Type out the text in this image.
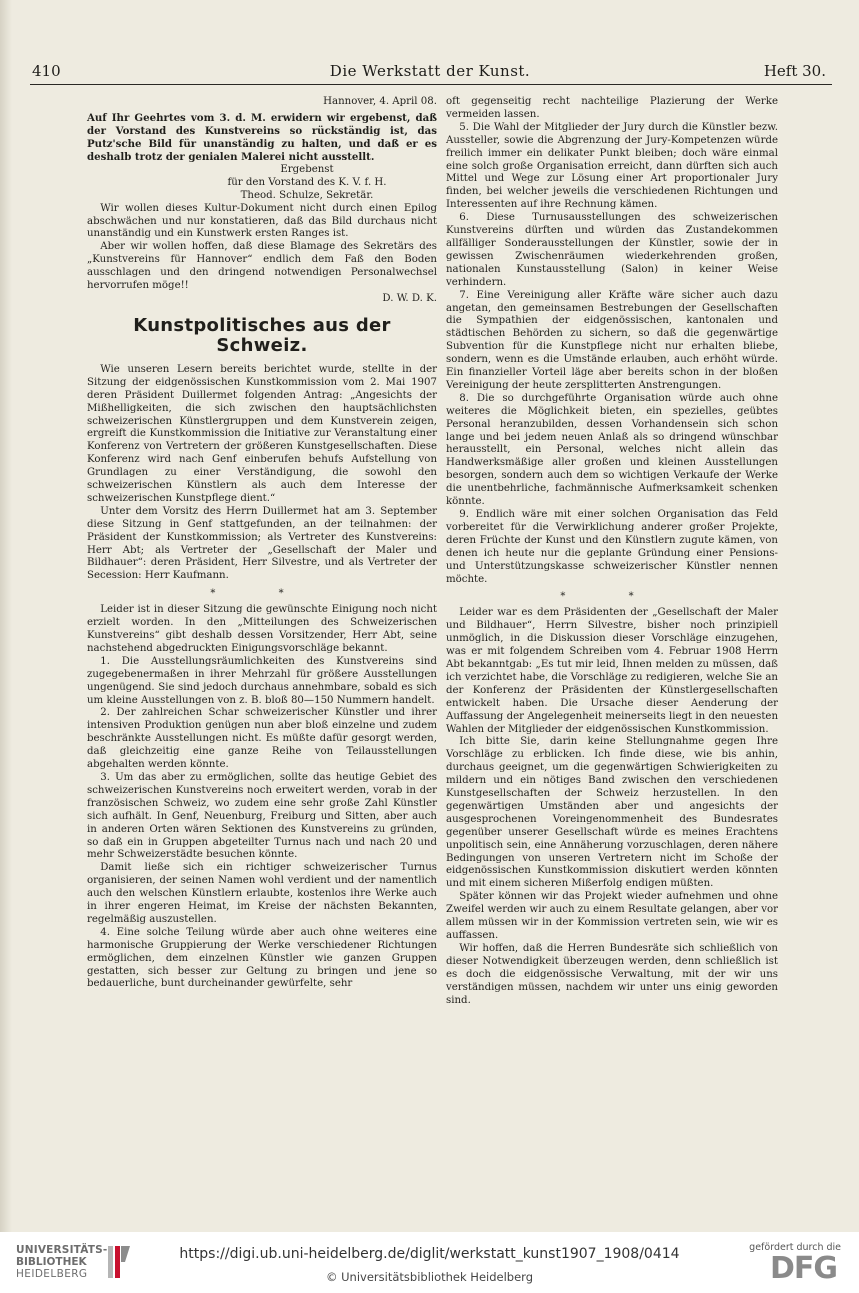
410	Die Werkstatt der Kunst.	Heft 30.

Hannover, 4. April 08.

Auf Ihr Geehrtes vom 3. d. M. erwidern wir ergebenst, daß der Vorstand des Kunstvereins so rückständig ist, das Putz'sche Bild für unanständig zu halten, und daß er es deshalb trotz der genialen Malerei nicht ausstellt.

Ergebenst

für den Vorstand des K. V. f. H.

Theod. Schulze, Sekretär.

Wir wollen dieses Kultur-Dokument nicht durch einen Epilog abschwächen und nur konstatieren, daß das Bild durchaus nicht unanständig und ein Kunstwerk ersten Ranges ist.

Aber wir wollen hoffen, daß diese Blamage des Sekretärs des „Kunstvereins für Hannover“ endlich dem Faß den Boden ausschlagen und den dringend notwendigen Personalwechsel hervorrufen möge!!

D. W. D. K.

Kunstpolitisches aus der Schweiz.

Wie unseren Lesern bereits berichtet wurde, stellte in der Sitzung der eidgenössischen Kunstkommission vom 2. Mai 1907 deren Präsident Duillermet folgenden Antrag: „Angesichts der Mißhelligkeiten, die sich zwischen den hauptsächlichsten schweizerischen Künstlergruppen und dem Kunstverein zeigen, ergreift die Kunstkommission die Initiative zur Veranstaltung einer Konferenz von Vertretern der größeren Kunstgesellschaften. Diese Konferenz wird nach Genf einberufen behufs Aufstellung von Grundlagen zu einer Verständigung, die sowohl den schweizerischen Künstlern als auch dem Interesse der schweizerischen Kunstpflege dient.“

Unter dem Vorsitz des Herrn Duillermet hat am 3. September diese Sitzung in Genf stattgefunden, an der teilnahmen: der Präsident der Kunstkommission; als Vertreter des Kunstvereins: Herr Abt; als Vertreter der „Gesellschaft der Maler und Bildhauer“: deren Präsident, Herr Silvestre, und als Vertreter der Secession: Herr Kaufmann.

* *

Leider ist in dieser Sitzung die gewünschte Einigung noch nicht erzielt worden. In den „Mitteilungen des Schweizerischen Kunstvereins“ gibt deshalb dessen Vorsitzender, Herr Abt, seine nachstehend abgedruckten Einigungsvorschläge bekannt.

1. Die Ausstellungsräumlichkeiten des Kunstvereins sind zugegebenermaßen in ihrer Mehrzahl für größere Ausstellungen ungenügend. Sie sind jedoch durchaus annehmbare, sobald es sich um kleine Ausstellungen von z. B. bloß 80—150 Nummern handelt.

2. Der zahlreichen Schar schweizerischer Künstler und ihrer intensiven Produktion genügen nun aber bloß einzelne und zudem beschränkte Ausstellungen nicht. Es müßte dafür gesorgt werden, daß gleichzeitig eine ganze Reihe von Teilausstellungen abgehalten werden könnte.

3. Um das aber zu ermöglichen, sollte das heutige Gebiet des schweizerischen Kunstvereins noch erweitert werden, vorab in der französischen Schweiz, wo zudem eine sehr große Zahl Künstler sich aufhält. In Genf, Neuenburg, Freiburg und Sitten, aber auch in anderen Orten wären Sektionen des Kunstvereins zu gründen, so daß ein in Gruppen abgeteilter Turnus nach und nach 20 und mehr Schweizerstädte besuchen könnte.

Damit ließe sich ein richtiger schweizerischer Turnus organisieren, der seinen Namen wohl verdient und der namentlich auch den welschen Künstlern erlaubte, kostenlos ihre Werke auch in ihrer engeren Heimat, im Kreise der nächsten Bekannten, regelmäßig auszustellen.

4. Eine solche Teilung würde aber auch ohne weiteres eine harmonische Gruppierung der Werke verschiedener Richtungen ermöglichen, dem einzelnen Künstler wie ganzen Gruppen gestatten, sich besser zur Geltung zu bringen und jene so bedauerliche, bunt durcheinander gewürfelte, sehr

oft gegenseitig recht nachteilige Plazierung der Werke vermeiden lassen.

5. Die Wahl der Mitglieder der Jury durch die Künstler bezw. Aussteller, sowie die Abgrenzung der Jury-Kompetenzen würde freilich immer ein delikater Punkt bleiben; doch wäre einmal eine solch große Organisation erreicht, dann dürften sich auch Mittel und Wege zur Lösung einer Art proportionaler Jury finden, bei welcher jeweils die verschiedenen Richtungen und Interessenten auf ihre Rechnung kämen.

6. Diese Turnusausstellungen des schweizerischen Kunstvereins dürften und würden das Zustandekommen allfälliger Sonderausstellungen der Künstler, sowie der in gewissen Zwischenräumen wiederkehrenden großen, nationalen Kunstausstellung (Salon) in keiner Weise verhindern.

7. Eine Vereinigung aller Kräfte wäre sicher auch dazu angetan, den gemeinsamen Bestrebungen der Gesellschaften die Sympathien der eidgenössischen, kantonalen und städtischen Behörden zu sichern, so daß die gegenwärtige Subvention für die Kunstpflege nicht nur erhalten bliebe, sondern, wenn es die Umstände erlauben, auch erhöht würde. Ein finanzieller Vorteil läge aber bereits schon in der bloßen Vereinigung der heute zersplitterten Anstrengungen.

8. Die so durchgeführte Organisation würde auch ohne weiteres die Möglichkeit bieten, ein spezielles, geübtes Personal heranzubilden, dessen Vorhandensein sich schon lange und bei jedem neuen Anlaß als so dringend wünschbar herausstellt, ein Personal, welches nicht allein das Handwerksmäßige aller großen und kleinen Ausstellungen besorgen, sondern auch dem so wichtigen Verkaufe der Werke die unentbehrliche, fachmännische Aufmerksamkeit schenken könnte.

9. Endlich wäre mit einer solchen Organisation das Feld vorbereitet für die Verwirklichung anderer großer Projekte, deren Früchte der Kunst und den Künstlern zugute kämen, von denen ich heute nur die geplante Gründung einer Pensions- und Unterstützungskasse schweizerischer Künstler nennen möchte.

* *

Leider war es dem Präsidenten der „Gesellschaft der Maler und Bildhauer“, Herrn Silvestre, bisher noch prinzipiell unmöglich, in die Diskussion dieser Vorschläge einzugehen, was er mit folgendem Schreiben vom 4. Februar 1908 Herrn Abt bekanntgab: „Es tut mir leid, Ihnen melden zu müssen, daß ich verzichtet habe, die Vorschläge zu redigieren, welche Sie an der Konferenz der Präsidenten der Künstlergesellschaften entwickelt haben. Die Ursache dieser Aenderung der Auffassung der Angelegenheit meinerseits liegt in den neuesten Wahlen der Mitglieder der eidgenössischen Kunstkommission.

Ich bitte Sie, darin keine Stellungnahme gegen Ihre Vorschläge zu erblicken. Ich finde diese, wie bis anhin, durchaus geeignet, um die gegenwärtigen Schwierigkeiten zu mildern und ein nötiges Band zwischen den verschiedenen Kunstgesellschaften der Schweiz herzustellen. In den gegenwärtigen Umständen aber und angesichts der ausgesprochenen Voreingenommenheit des Bundesrates gegenüber unserer Gesellschaft würde es meines Erachtens unpolitisch sein, eine Annäherung vorzuschlagen, deren nähere Bedingungen von unseren Vertretern nicht im Schoße der eidgenössischen Kunstkommission diskutiert werden könnten und mit einem sicheren Mißerfolg endigen müßten.

Später können wir das Projekt wieder aufnehmen und ohne Zweifel werden wir auch zu einem Resultate gelangen, aber vor allem müssen wir in der Kommission vertreten sein, wie wir es auffassen.

Wir hoffen, daß die Herren Bundesräte sich schließlich von dieser Notwendigkeit überzeugen werden, denn schließlich ist es doch die eidgenössische Verwaltung, mit der wir uns verständigen müssen, nachdem wir unter uns einig geworden sind.

UNIVERSITÄTS-
BIBLIOTHEK
HEIDELBERG
https://digi.ub.uni-heidelberg.de/diglit/werkstatt_kunst1907_1908/0414
© Universitätsbibliothek Heidelberg
gefördert durch die
DFG
